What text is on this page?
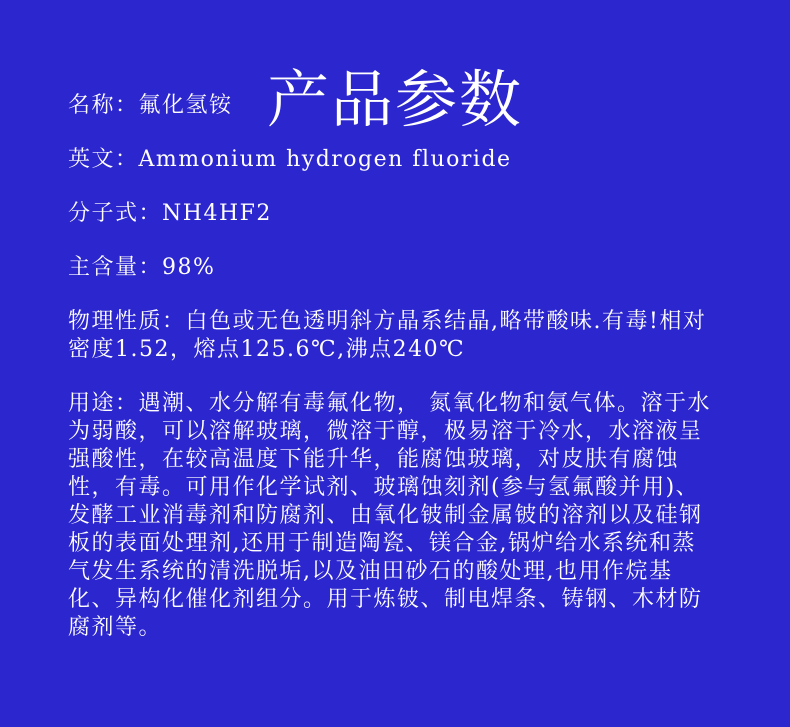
产品参数

名称：氟化氢铵

英文：Ammonium hydrogen fluoride

分子式：NH4HF2

主含量：98%

物理性质：白色或无色透明斜方晶系结晶,略带酸味.有毒!相对密度1.52，熔点125.6℃,沸点240℃

用途：遇潮、水分解有毒氟化物， 氮氧化物和氨气体。溶于水为弱酸，可以溶解玻璃，微溶于醇，极易溶于冷水，水溶液呈强酸性，在较高温度下能升华，能腐蚀玻璃，对皮肤有腐蚀性，有毒。可用作化学试剂、玻璃蚀刻剂(参与氢氟酸并用)、发酵工业消毒剂和防腐剂、由氧化铍制金属铍的溶剂以及硅钢板的表面处理剂,还用于制造陶瓷、镁合金,锅炉给水系统和蒸气发生系统的清洗脱垢,以及油田砂石的酸处理,也用作烷基化、异构化催化剂组分。用于炼铍、制电焊条、铸钢、木材防腐剂等。
